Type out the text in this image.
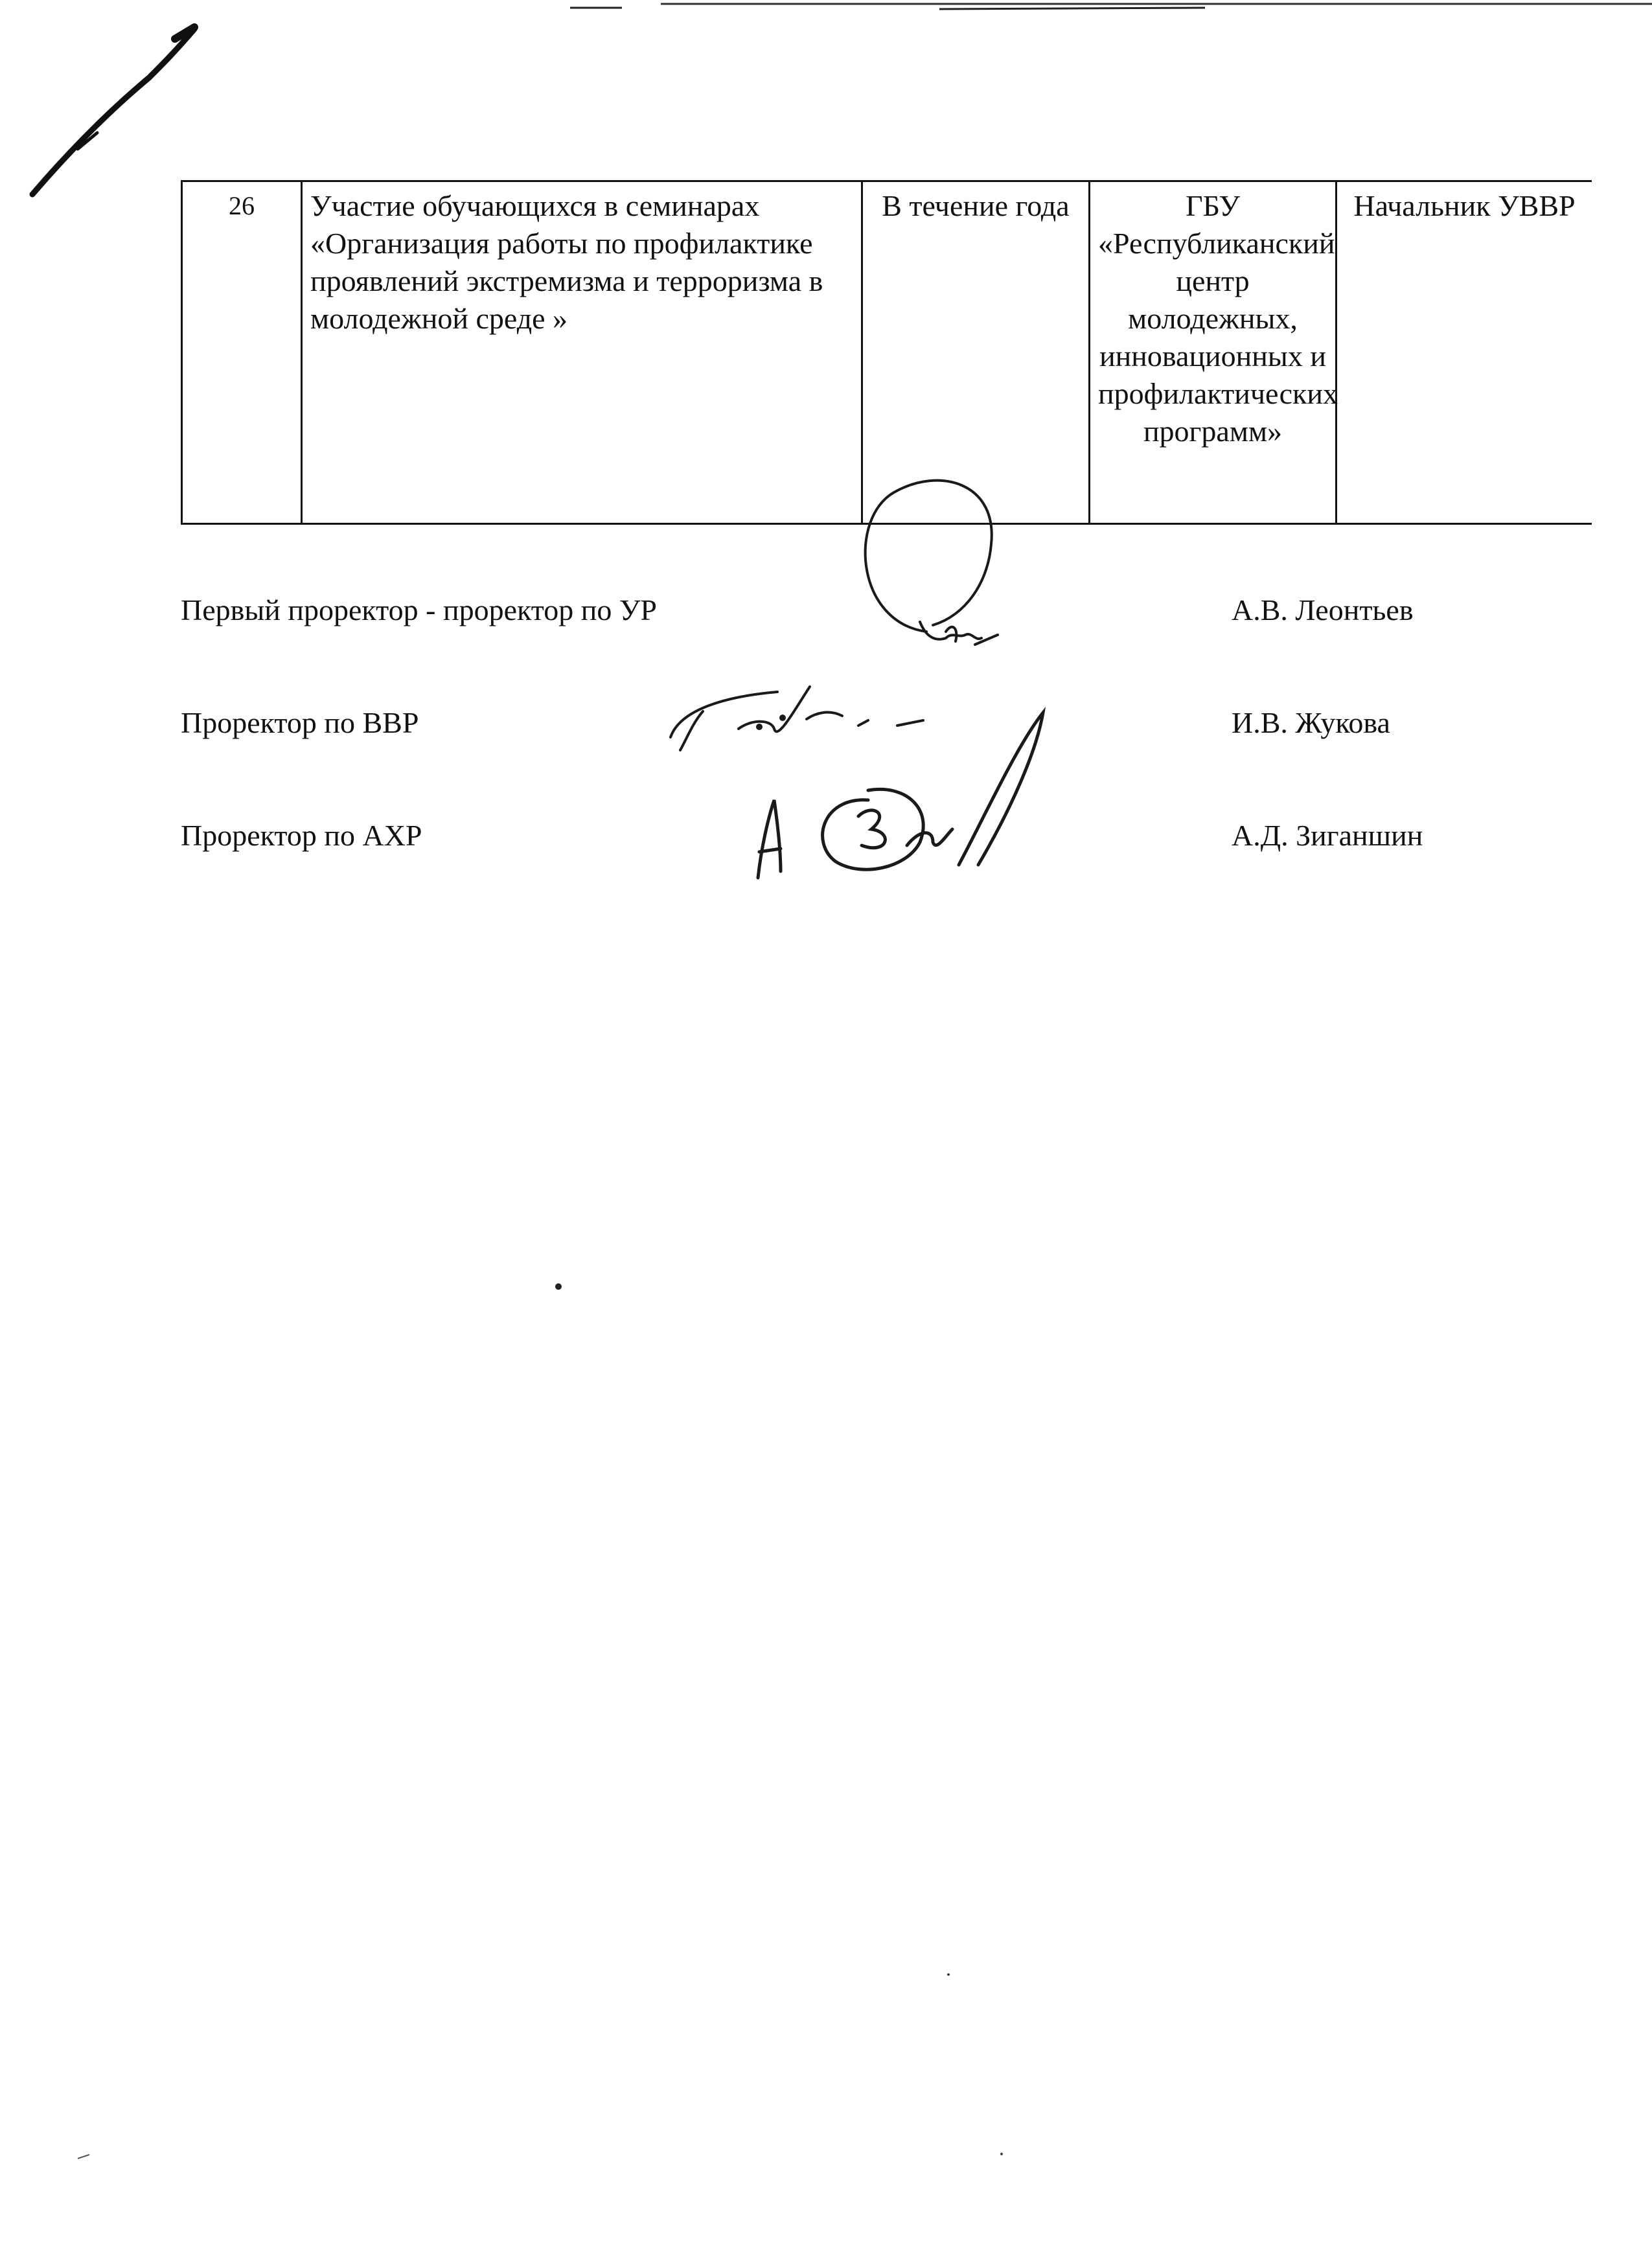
26	Участие обучающихся в семинарах «Организация работы по профилактике проявлений экстремизма и терроризма в молодежной среде »	В течение года	ГБУ «Республиканский центр молодежных, инновационных и профилактических программ»	Начальник УВВР
Первый проректор - проректор по УР	А.В. Леонтьев
Проректор по ВВР	И.В. Жукова
Проректор по АХР	А.Д. Зиганшин
